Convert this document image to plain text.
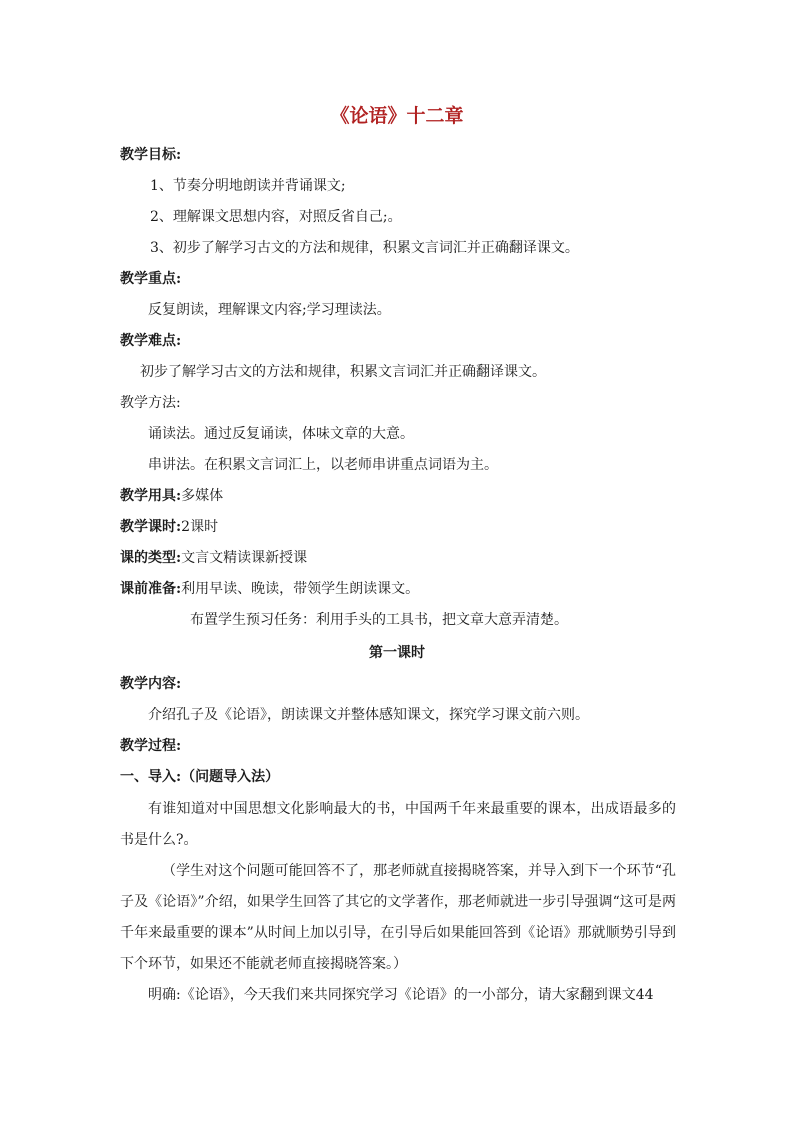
《论语》十二章
教学目标:
1、节奏分明地朗读并背诵课文;
2、理解课文思想内容，对照反省自己;。
3、初步了解学习古文的方法和规律，积累文言词汇并正确翻译课文。
教学重点:
反复朗读，理解课文内容;学习理读法。
教学难点:
初步了解学习古文的方法和规律，积累文言词汇并正确翻译课文。
教学方法:
诵读法。通过反复诵读，体味文章的大意。
串讲法。在积累文言词汇上，以老师串讲重点词语为主。
教学用具:多媒体
教学课时:2课时
课的类型:文言文精读课新授课
课前准备:利用早读、晚读，带领学生朗读课文。
布置学生预习任务：利用手头的工具书，把文章大意弄清楚。
第一课时
教学内容:
介绍孔子及《论语》，朗读课文并整体感知课文，探究学习课文前六则。
教学过程:
一、导入:（问题导入法）
有谁知道对中国思想文化影响最大的书，中国两千年来最重要的课本，出成语最多的书是什么?。
（学生对这个问题可能回答不了，那老师就直接揭晓答案，并导入到下一个环节“孔子及《论语》”介绍，如果学生回答了其它的文学著作，那老师就进一步引导强调“这可是两千年来最重要的课本”从时间上加以引导，在引导后如果能回答到《论语》那就顺势引导到下个环节，如果还不能就老师直接揭晓答案。）
明确:《论语》，今天我们来共同探究学习《论语》的一小部分，请大家翻到课文44
